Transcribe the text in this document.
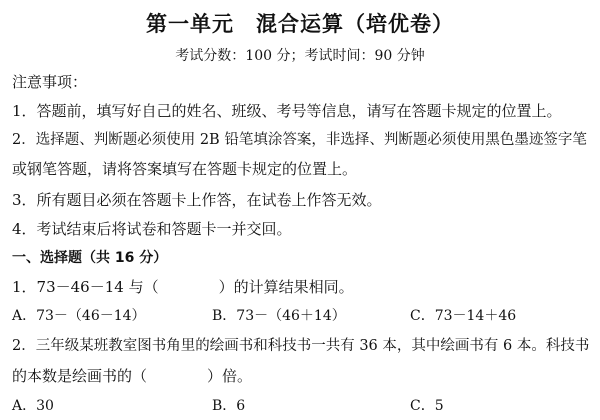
第一单元　混合运算（培优卷）
考试分数：100 分；考试时间：90 分钟
注意事项：
1．答题前，填写好自己的姓名、班级、考号等信息，请写在答题卡规定的位置上。
2．选择题、判断题必须使用 2B 铅笔填涂答案，非选择、判断题必须使用黑色墨迹签字笔
或钢笔答题，请将答案填写在答题卡规定的位置上。
3．所有题目必须在答题卡上作答，在试卷上作答无效。
4．考试结束后将试卷和答题卡一并交回。
一、选择题（共 16 分）
1．73－46－14 与（　　　　）的计算结果相同。
A．73－（46－14）	B．73－（46＋14）	C．73－14＋46
2．三年级某班教室图书角里的绘画书和科技书一共有 36 本，其中绘画书有 6 本。科技书
的本数是绘画书的（　　　　）倍。
A．30	B．6	C．5
